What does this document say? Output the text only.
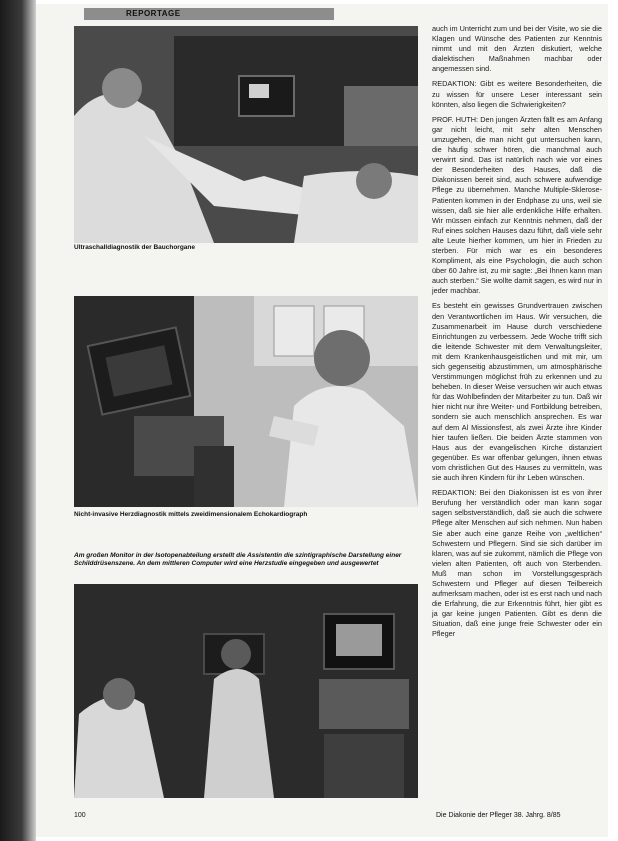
REPORTAGE
Ultraschalldiagnostik der Bauchorgane
Nicht-invasive Herzdiagnostik mittels zweidimensionalem Echokardiograph
Am großen Monitor in der Isotopenabteilung erstellt die Assistentin die szintigraphische Darstellung einer Schilddrüsenszene. An dem mittleren Computer wird eine Herzstudie eingegeben und ausgewertet

auch im Unterricht zum und bei der Visite, wo sie die Klagen und Wünsche des Patienten zur Kenntnis nimmt und mit den Ärzten diskutiert, welche dialektischen Maßnahmen machbar oder angemessen sind.

REDAKTION: Gibt es weitere Besonderheiten, die zu wissen für unsere Leser interessant sein könnten, also liegen die Schwierigkeiten?

PROF. HUTH: Den jungen Ärzten fällt es am Anfang gar nicht leicht, mit sehr alten Menschen umzugehen, die man nicht gut untersuchen kann, die häufig schwer hören, die manchmal auch verwirrt sind. Das ist natürlich nach wie vor eines der Besonderheiten des Hauses, daß die Diakonissen bereit sind, auch schwere aufwendige Pflege zu übernehmen. Manche Multiple-Sklerose-Patienten kommen in der Endphase zu uns, weil sie wissen, daß sie hier alle erdenkliche Hilfe erhalten. Wir müssen einfach zur Kenntnis nehmen, daß der Ruf eines solchen Hauses dazu führt, daß viele sehr alte Leute hierher kommen, um hier in Frieden zu sterben. Für mich war es ein besonderes Kompliment, als eine Psychologin, die auch schon über 60 Jahre ist, zu mir sagte: „Bei Ihnen kann man auch sterben.“ Sie wollte damit sagen, es wird nur in jeder machbar.

Es besteht ein gewisses Grundvertrauen zwischen den Verantwortlichen im Haus. Wir versuchen, die Zusammenarbeit im Hause durch verschiedene Einrichtungen zu verbessern. Jede Woche trifft sich die leitende Schwester mit dem Verwaltungsleiter, mit dem Krankenhausgeistlichen und mit mir, um sich gegenseitig abzustimmen, um atmosphärische Verstimmungen möglichst früh zu erkennen und zu beheben. In dieser Weise versuchen wir auch etwas für das Wohlbefinden der Mitarbeiter zu tun. Daß wir hier nicht nur ihre Weiter- und Fortbildung betreiben, sondern sie auch menschlich ansprechen. Es war auf dem Al Missionsfest, als zwei Ärzte ihre Kinder hier taufen ließen. Die beiden Ärzte stammen von Haus aus der evangelischen Kirche distanziert gegenüber. Es war offenbar gelungen, ihnen etwas vom christlichen Gut des Hauses zu vermitteln, was sie auch ihren Kindern für ihr Leben wünschen.

REDAKTION: Bei den Diakonissen ist es von ihrer Berufung her verständlich oder man kann sogar sagen selbstverständlich, daß sie auch die schwere Pflege alter Menschen auf sich nehmen. Nun haben Sie aber auch eine ganze Reihe von „weltlichen“ Schwestern und Pflegern. Sind sie sich darüber im klaren, was auf sie zukommt, nämlich die Pflege von vielen alten Patienten, oft auch von Sterbenden. Muß man schon im Vorstellungsgespräch Schwestern und Pfleger auf diesen Teilbereich aufmerksam machen, oder ist es erst nach und nach die Erfahrung, die zur Erkenntnis führt, hier gibt es ja gar keine jungen Patienten. Gibt es denn die Situation, daß eine junge freie Schwester oder ein Pfleger

100	Die Diakonie der Pfleger 38. Jahrg. 8/85
